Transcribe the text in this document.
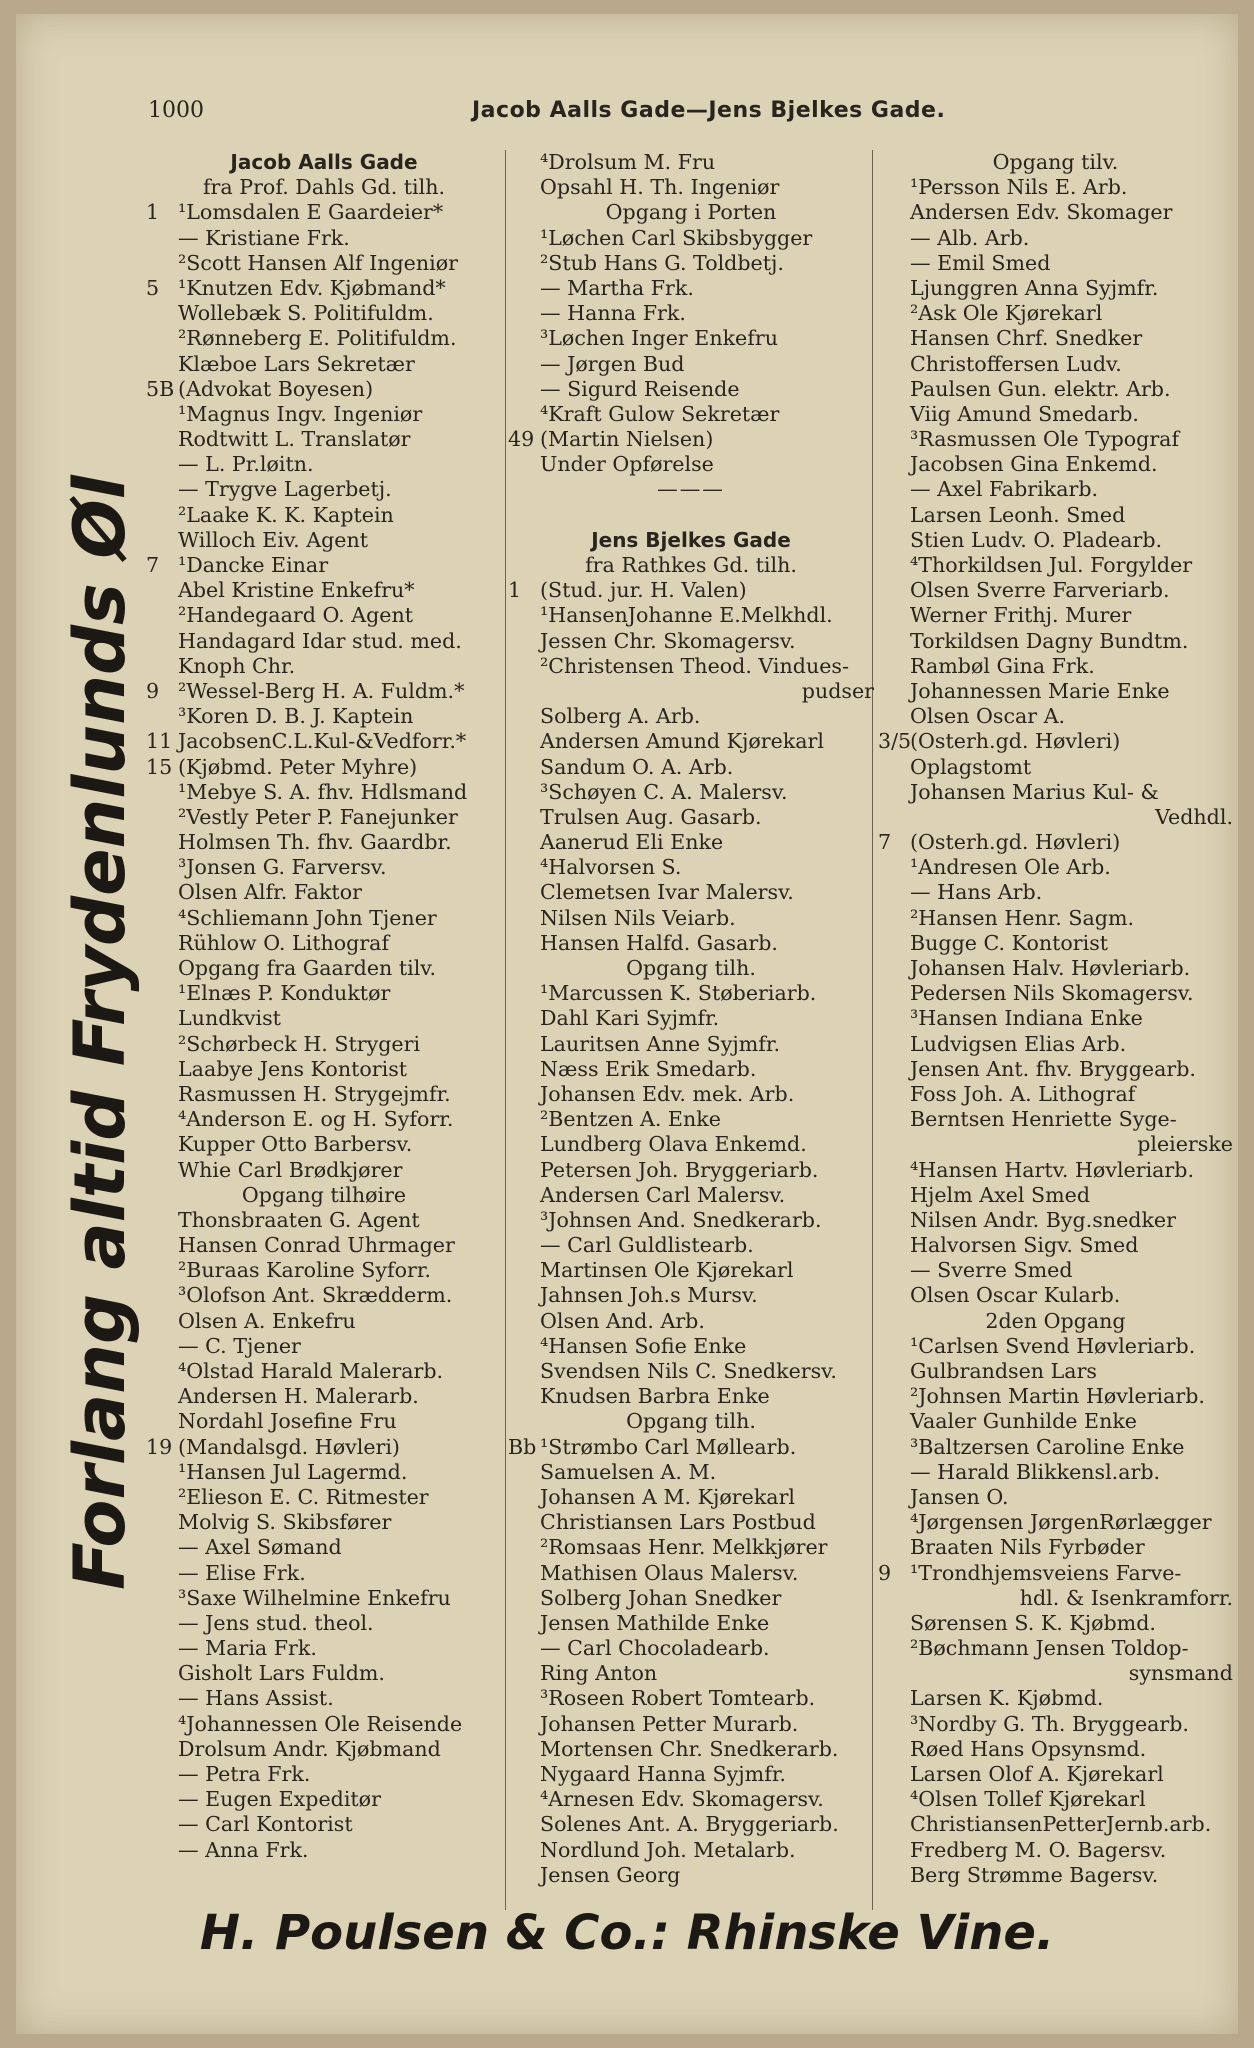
1000	Jacob Aalls Gade—Jens Bjelkes Gade.
Forlang altid Frydenlunds Øl
Jacob Aalls Gade
fra Prof. Dahls Gd. tilh.
1 ¹Lomsdalen E Gaardeier*
— Kristiane Frk.
²Scott Hansen Alf Ingeniør
5 ¹Knutzen Edv. Kjøbmand*
Wollebæk S. Politifuldm.
²Rønneberg E. Politifuldm.
Klæboe Lars Sekretær
5B (Advokat Boyesen)
¹Magnus Ingv. Ingeniør
Rodtwitt L. Translatør
— L. Pr.løitn.
— Trygve Lagerbetj.
²Laake K. K. Kaptein
Willoch Eiv. Agent
7 ¹Dancke Einar
Abel Kristine Enkefru*
²Handegaard O. Agent
Handagard Idar stud. med.
Knoph Chr.
9 ²Wessel-Berg H. A. Fuldm.*
³Koren D. B. J. Kaptein
11 JacobsenC.L.Kul-&Vedforr.*
15 (Kjøbmd. Peter Myhre)
¹Mebye S. A. fhv. Hdlsmand
²Vestly Peter P. Fanejunker
Holmsen Th. fhv. Gaardbr.
³Jonsen G. Farversv.
Olsen Alfr. Faktor
⁴Schliemann John Tjener
Rühlow O. Lithograf
Opgang fra Gaarden tilv.
¹Elnæs P. Konduktør
Lundkvist
²Schørbeck H. Strygeri
Laabye Jens Kontorist
Rasmussen H. Strygejmfr.
⁴Anderson E. og H. Syforr.
Kupper Otto Barbersv.
Whie Carl Brødkjører
Opgang tilhøire
Thonsbraaten G. Agent
Hansen Conrad Uhrmager
²Buraas Karoline Syforr.
³Olofson Ant. Skrædderm.
Olsen A. Enkefru
— C. Tjener
⁴Olstad Harald Malerarb.
Andersen H. Malerarb.
Nordahl Josefine Fru
19 (Mandalsgd. Høvleri)
¹Hansen Jul Lagermd.
²Elieson E. C. Ritmester
Molvig S. Skibsfører
— Axel Sømand
— Elise Frk.
³Saxe Wilhelmine Enkefru
— Jens stud. theol.
— Maria Frk.
Gisholt Lars Fuldm.
— Hans Assist.
⁴Johannessen Ole Reisende
Drolsum Andr. Kjøbmand
— Petra Frk.
— Eugen Expeditør
— Carl Kontorist
— Anna Frk.
⁴Drolsum M. Fru
Opsahl H. Th. Ingeniør
Opgang i Porten
¹Løchen Carl Skibsbygger
²Stub Hans G. Toldbetj.
— Martha Frk.
— Hanna Frk.
³Løchen Inger Enkefru
— Jørgen Bud
— Sigurd Reisende
⁴Kraft Gulow Sekretær
49 (Martin Nielsen)
Under Opførelse
———
Jens Bjelkes Gade
fra Rathkes Gd. tilh.
1 (Stud. jur. H. Valen)
¹HansenJohanne E.Melkhdl.
Jessen Chr. Skomagersv.
²Christensen Theod. Vindues-
pudser
Solberg A. Arb.
Andersen Amund Kjørekarl
Sandum O. A. Arb.
³Schøyen C. A. Malersv.
Trulsen Aug. Gasarb.
Aanerud Eli Enke
⁴Halvorsen S.
Clemetsen Ivar Malersv.
Nilsen Nils Veiarb.
Hansen Halfd. Gasarb.
Opgang tilh.
¹Marcussen K. Støberiarb.
Dahl Kari Syjmfr.
Lauritsen Anne Syjmfr.
Næss Erik Smedarb.
Johansen Edv. mek. Arb.
²Bentzen A. Enke
Lundberg Olava Enkemd.
Petersen Joh. Bryggeriarb.
Andersen Carl Malersv.
³Johnsen And. Snedkerarb.
— Carl Guldlistearb.
Martinsen Ole Kjørekarl
Jahnsen Joh.s Mursv.
Olsen And. Arb.
⁴Hansen Sofie Enke
Svendsen Nils C. Snedkersv.
Knudsen Barbra Enke
Opgang tilh.
Bb ¹Strømbo Carl Møllearb.
Samuelsen A. M.
Johansen A M. Kjørekarl
Christiansen Lars Postbud
²Romsaas Henr. Melkkjører
Mathisen Olaus Malersv.
Solberg Johan Snedker
Jensen Mathilde Enke
— Carl Chocoladearb.
Ring Anton
³Roseen Robert Tomtearb.
Johansen Petter Murarb.
Mortensen Chr. Snedkerarb.
Nygaard Hanna Syjmfr.
⁴Arnesen Edv. Skomagersv.
Solenes Ant. A. Bryggeriarb.
Nordlund Joh. Metalarb.
Jensen Georg
Opgang tilv.
¹Persson Nils E. Arb.
Andersen Edv. Skomager
— Alb. Arb.
— Emil Smed
Ljunggren Anna Syjmfr.
²Ask Ole Kjørekarl
Hansen Chrf. Snedker
Christoffersen Ludv.
Paulsen Gun. elektr. Arb.
Viig Amund Smedarb.
³Rasmussen Ole Typograf
Jacobsen Gina Enkemd.
— Axel Fabrikarb.
Larsen Leonh. Smed
Stien Ludv. O. Pladearb.
⁴Thorkildsen Jul. Forgylder
Olsen Sverre Farveriarb.
Werner Frithj. Murer
Torkildsen Dagny Bundtm.
Rambøl Gina Frk.
Johannessen Marie Enke
Olsen Oscar A.
3/5
(Osterh.gd. Høvleri)
Oplagstomt
Johansen Marius Kul- &
Vedhdl.
7 (Osterh.gd. Høvleri)
¹Andresen Ole Arb.
— Hans Arb.
²Hansen Henr. Sagm.
Bugge C. Kontorist
Johansen Halv. Høvleriarb.
Pedersen Nils Skomagersv.
³Hansen Indiana Enke
Ludvigsen Elias Arb.
Jensen Ant. fhv. Bryggearb.
Foss Joh. A. Lithograf
Berntsen Henriette Syge-
pleierske
⁴Hansen Hartv. Høvleriarb.
Hjelm Axel Smed
Nilsen Andr. Byg.snedker
Halvorsen Sigv. Smed
— Sverre Smed
Olsen Oscar Kularb.
2den Opgang
¹Carlsen Svend Høvleriarb.
Gulbrandsen Lars
²Johnsen Martin Høvleriarb.
Vaaler Gunhilde Enke
³Baltzersen Caroline Enke
— Harald Blikkensl.arb.
Jansen O.
⁴Jørgensen JørgenRørlægger
Braaten Nils Fyrbøder
9 ¹Trondhjemsveiens Farve-
hdl. & Isenkramforr.
Sørensen S. K. Kjøbmd.
²Bøchmann Jensen Toldop-
synsmand
Larsen K. Kjøbmd.
³Nordby G. Th. Bryggearb.
Røed Hans Opsynsmd.
Larsen Olof A. Kjørekarl
⁴Olsen Tollef Kjørekarl
ChristiansenPetterJernb.arb.
Fredberg M. O. Bagersv.
Berg Strømme Bagersv.
H. Poulsen & Co.: Rhinske Vine.
